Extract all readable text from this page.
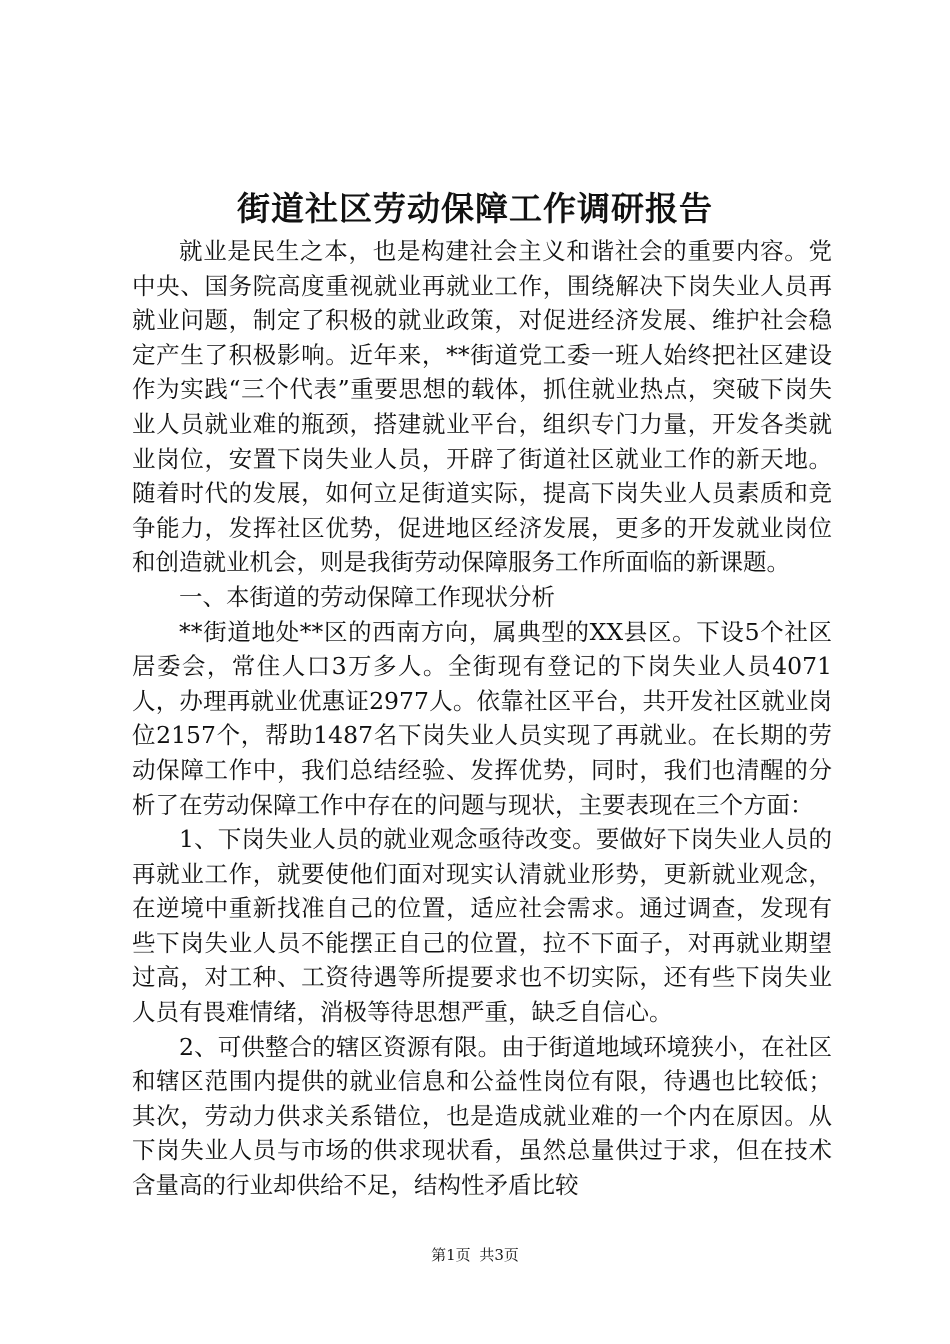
街道社区劳动保障工作调研报告

就业是民生之本，也是构建社会主义和谐社会的重要内容。党中央、国务院高度重视就业再就业工作，围绕解决下岗失业人员再就业问题，制定了积极的就业政策，对促进经济发展、维护社会稳定产生了积极影响。近年来，**街道党工委一班人始终把社区建设作为实践“三个代表”重要思想的载体，抓住就业热点，突破下岗失业人员就业难的瓶颈，搭建就业平台，组织专门力量，开发各类就业岗位，安置下岗失业人员，开辟了街道社区就业工作的新天地。随着时代的发展，如何立足街道实际，提高下岗失业人员素质和竞争能力，发挥社区优势，促进地区经济发展，更多的开发就业岗位和创造就业机会，则是我街劳动保障服务工作所面临的新课题。

一、本街道的劳动保障工作现状分析

**街道地处**区的西南方向，属典型的XX县区。下设5个社区居委会，常住人口3万多人。全街现有登记的下岗失业人员4071人，办理再就业优惠证2977人。依靠社区平台，共开发社区就业岗位2157个，帮助1487名下岗失业人员实现了再就业。在长期的劳动保障工作中，我们总结经验、发挥优势，同时，我们也清醒的分析了在劳动保障工作中存在的问题与现状，主要表现在三个方面：

1、下岗失业人员的就业观念亟待改变。要做好下岗失业人员的再就业工作，就要使他们面对现实认清就业形势，更新就业观念，在逆境中重新找准自己的位置，适应社会需求。通过调查，发现有些下岗失业人员不能摆正自己的位置，拉不下面子，对再就业期望过高，对工种、工资待遇等所提要求也不切实际，还有些下岗失业人员有畏难情绪，消极等待思想严重，缺乏自信心。

2、可供整合的辖区资源有限。由于街道地域环境狭小，在社区和辖区范围内提供的就业信息和公益性岗位有限，待遇也比较低；其次，劳动力供求关系错位，也是造成就业难的一个内在原因。从下岗失业人员与市场的供求现状看，虽然总量供过于求，但在技术含量高的行业却供给不足，结构性矛盾比较

第1页 共3页
